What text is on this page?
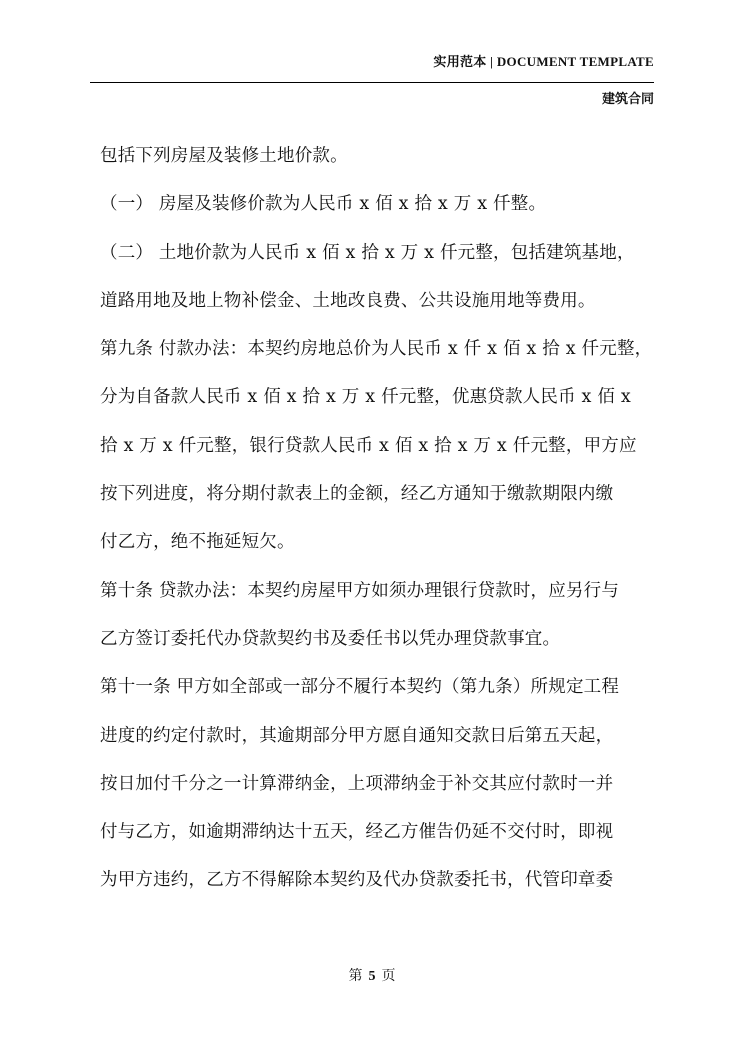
实用范本 | DOCUMENT TEMPLATE
建筑合同
包括下列房屋及装修土地价款。
（一） 房屋及装修价款为人民币 x 佰 x 拾 x 万 x 仟整。
（二） 土地价款为人民币 x 佰 x 拾 x 万 x 仟元整，包括建筑基地，
道路用地及地上物补偿金、土地改良费、公共设施用地等费用。
第九条 付款办法：本契约房地总价为人民币 x 仟 x 佰 x 拾 x 仟元整，
分为自备款人民币 x 佰 x 拾 x 万 x 仟元整，优惠贷款人民币 x 佰 x
拾 x 万 x 仟元整，银行贷款人民币 x 佰 x 拾 x 万 x 仟元整，甲方应
按下列进度，将分期付款表上的金额，经乙方通知于缴款期限内缴
付乙方，绝不拖延短欠。
第十条 贷款办法：本契约房屋甲方如须办理银行贷款时，应另行与
乙方签订委托代办贷款契约书及委任书以凭办理贷款事宜。
第十一条 甲方如全部或一部分不履行本契约（第九条）所规定工程
进度的约定付款时，其逾期部分甲方愿自通知交款日后第五天起，
按日加付千分之一计算滞纳金，上项滞纳金于补交其应付款时一并
付与乙方，如逾期滞纳达十五天，经乙方催告仍延不交付时，即视
为甲方违约，乙方不得解除本契约及代办贷款委托书，代管印章委
第 5 页
